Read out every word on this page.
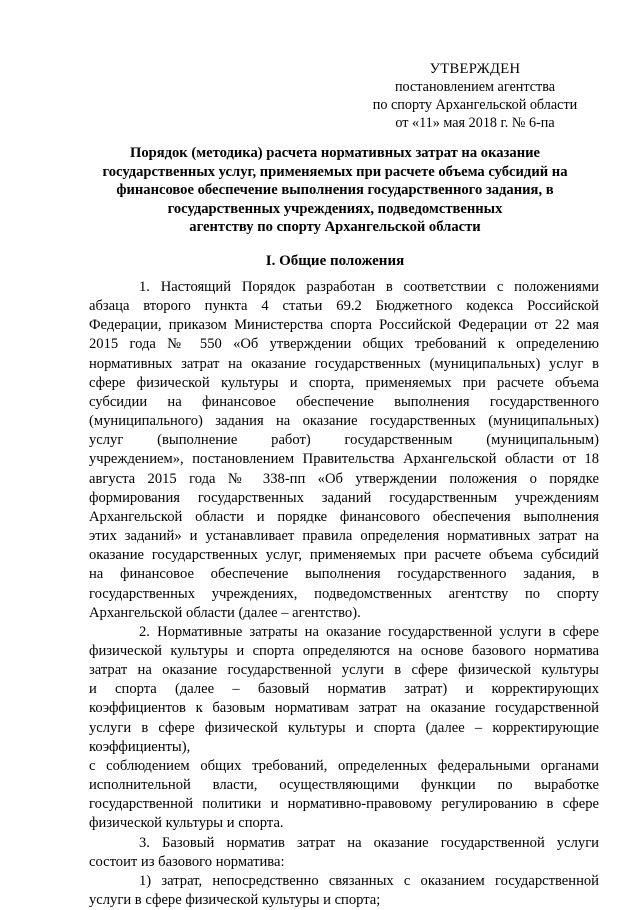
УТВЕРЖДЕН
постановлением агентства
по спорту Архангельской области
от «11» мая 2018 г. № 6-па
Порядок (методика) расчета нормативных затрат на оказание
государственных услуг, применяемых при расчете объема субсидий на
финансовое обеспечение выполнения государственного задания, в
государственных учреждениях, подведомственных
агентству по спорту Архангельской области
I. Общие положения
1. Настоящий Порядок разработан в соответствии с положениями
абзаца второго пункта 4 статьи 69.2 Бюджетного кодекса Российской
Федерации, приказом Министерства спорта Российской Федерации от 22 мая
2015 года № 550 «Об утверждении общих требований к определению
нормативных затрат на оказание государственных (муниципальных) услуг в
сфере физической культуры и спорта, применяемых при расчете объема
субсидии на финансовое обеспечение выполнения государственного
(муниципального) задания на оказание государственных (муниципальных)
услуг (выполнение работ) государственным (муниципальным)
учреждением», постановлением Правительства Архангельской области от 18
августа 2015 года № 338-пп «Об утверждении положения о порядке
формирования государственных заданий государственным учреждениям
Архангельской области и порядке финансового обеспечения выполнения
этих заданий» и устанавливает правила определения нормативных затрат на
оказание государственных услуг, применяемых при расчете объема субсидий
на финансовое обеспечение выполнения государственного задания, в
государственных учреждениях, подведомственных агентству по спорту
Архангельской области (далее – агентство).
2. Нормативные затраты на оказание государственной услуги в сфере
физической культуры и спорта определяются на основе базового норматива
затрат на оказание государственной услуги в сфере физической культуры
и спорта (далее – базовый норматив затрат) и корректирующих
коэффициентов к базовым нормативам затрат на оказание государственной
услуги в сфере физической культуры и спорта (далее – корректирующие
коэффициенты),
с соблюдением общих требований, определенных федеральными органами
исполнительной власти, осуществляющими функции по выработке
государственной политики и нормативно-правовому регулированию в сфере
физической культуры и спорта.
3. Базовый норматив затрат на оказание государственной услуги
состоит из базового норматива:
1) затрат, непосредственно связанных с оказанием государственной
услуги в сфере физической культуры и спорта;
